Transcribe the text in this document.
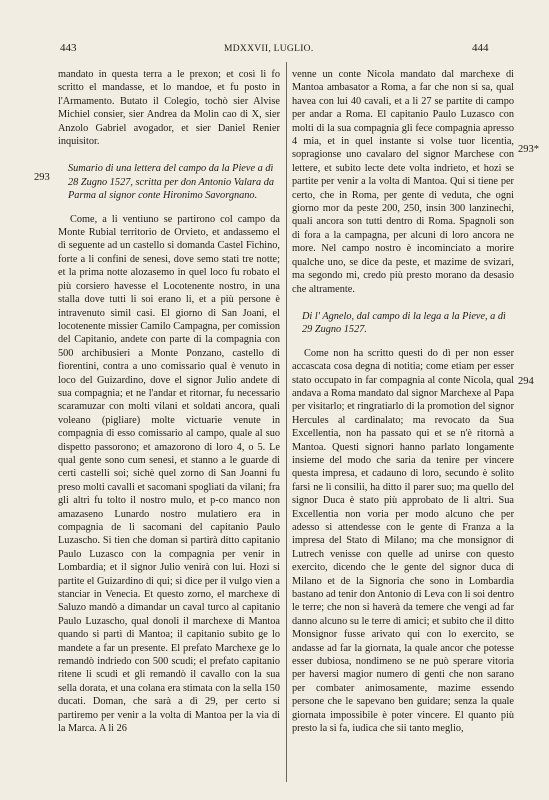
443	MDXXVII, LUGLIO.	444
293
293*
294

mandato in questa terra a le prexon; et così li fo scritto el mandasse, et lo mandoe, et fu posto in l'Armamento. Butato il Colegio, tochò sier Alvise Michiel consier, sier Andrea da Molin cao di X, sier Anzolo Gabriel avogador, et sier Daniel Renier inquisitor.

Sumario di una lettera del campo da la Pieve a dì 28 Zugno 1527, scritta per don Antonio Valara da Parma al signor conte Hironimo Savorgnano.

Come, a li ventiuno se partirono col campo da Monte Rubial territorio de Orvieto, et andassemo el dì seguente ad un castello si domanda Castel Fichino, forte a li confini de senesi, dove semo stati tre notte; et la prima notte alozasemo in quel loco fu robato el più corsiero havesse el Locotenente nostro, in una stalla dove tutti li soi erano li, et a più persone è intravenuto simil casi. El giorno di San Joani, el locotenente missier Camilo Campagna, per comission del Capitanio, andete con parte di la compagnia con 500 archibusieri a Monte Ponzano, castello di fiorentini, contra a uno comissario qual è venuto in loco del Guizardino, dove el signor Julio andete di sua compagnia; et ne l'andar et ritornar, fu necessario scaramuzar con molti vilani et soldati ancora, quali voleano (pigliare) molte victuarie venute in compagnia di esso comissario al campo, quale al suo dispetto passorono; et amazorono di loro 4, o 5. Le qual gente sono cum senesi, et stanno a le guarde di certi castelli soi; sichè quel zorno di San Joanni fu preso molti cavalli et sacomani spogliati da vilani; fra gli altri fu tolto il nostro mulo, et p-co manco non amazaseno Lunardo nostro mulatiero era in compagnia de li sacomani del capitanio Paulo Luzascho. Si tien che doman si partirà ditto capitanio Paulo Luzasco con la compagnia per venir in Lombardia; et il signor Julio venirà con lui. Hozi si partite el Guizardino di qui; si dice per il vulgo vien a stanciar in Venecia. Et questo zorno, el marchexe di Saluzo mandò a dimandar un caval turco al capitanio Paulo Luzascho, qual donoli il marchexe di Mantoa quando si partì di Mantoa; il capitanio subito ge lo mandete a far un presente. El prefato Marchexe ge lo remandò indriedo con 500 scudi; el prefato capitanio ritene li scudi et gli remandò il cavallo con la sua sella dorata, et una colana era stimata con la sella 150 ducati. Doman, che sarà a dì 29, per certo si partiremo per venir a la volta di Mantoa per la via di la Marca. A li 26

venne un conte Nicola mandato dal marchexe di Mantoa ambasator a Roma, a far che non si sa, qual havea con lui 40 cavali, et a li 27 se partite di campo per andar a Roma. El capitanio Paulo Luzasco con molti di la sua compagnia gli fece compagnia apresso 4 mia, et in quel instante si volse tuor licentia, sopragionse uno cavalaro del signor Marchese con lettere, et subito lecte dete volta indrieto, et hozi se partite per venir a la volta di Mantoa. Qui si tiene per certo, che in Roma, per gente di veduta, che ogni giorno mor da peste 200, 250, insin 300 lanzinechi, quali ancora son tutti dentro di Roma. Spagnoli son di fora a la campagna, per alcuni di loro ancora ne more. Nel campo nostro è incominciato a morire qualche uno, se dice da peste, et mazime de svizari, ma segondo mi, credo più presto morano da desasio che altramente.

Di l' Agnelo, dal campo di la lega a la Pieve, a dì 29 Zugno 1527.

Come non ha scritto questi do dì per non esser accascata cosa degna di notitia; come etiam per esser stato occupato in far compagnia al conte Nicola, qual andava a Roma mandato dal signor Marchexe al Papa per visitarlo; et ringratiarlo di la promotion del signor Hercules al cardinalato; ma revocato da Sua Excellentia, non ha passato qui et se n'è ritornà a Mantoa. Questi signori hanno parlato longamente insieme del modo che saria da tenire per vincere questa impresa, et cadauno di loro, secundo è solito farsi ne li consilii, ha ditto il parer suo; ma quello del signor Duca è stato più approbato de li altri. Sua Excellentia non voria per modo alcuno che per adesso si attendesse con le gente di Franza a la impresa del Stato di Milano; ma che monsignor di Lutrech venisse con quelle ad unirse con questo exercito, dicendo che le gente del signor duca di Milano et de la Signoria che sono in Lombardia bastano ad tenir don Antonio di Leva con li soi dentro le terre; che non si haverà da temere che vengi ad far danno alcuno su le terre di amici; et subito che il ditto Monsignor fusse arivato qui con lo exercito, se andasse ad far la giornata, la quale ancor che potesse esser dubiosa, nondimeno se ne può sperare vitoria per haversi magior numero di genti che non sarano per combater animosamente, mazime essendo persone che le sapevano ben guidare; senza la quale giornata impossibile è poter vincere. El quanto più presto la si fa, iudica che sii tanto meglio,
